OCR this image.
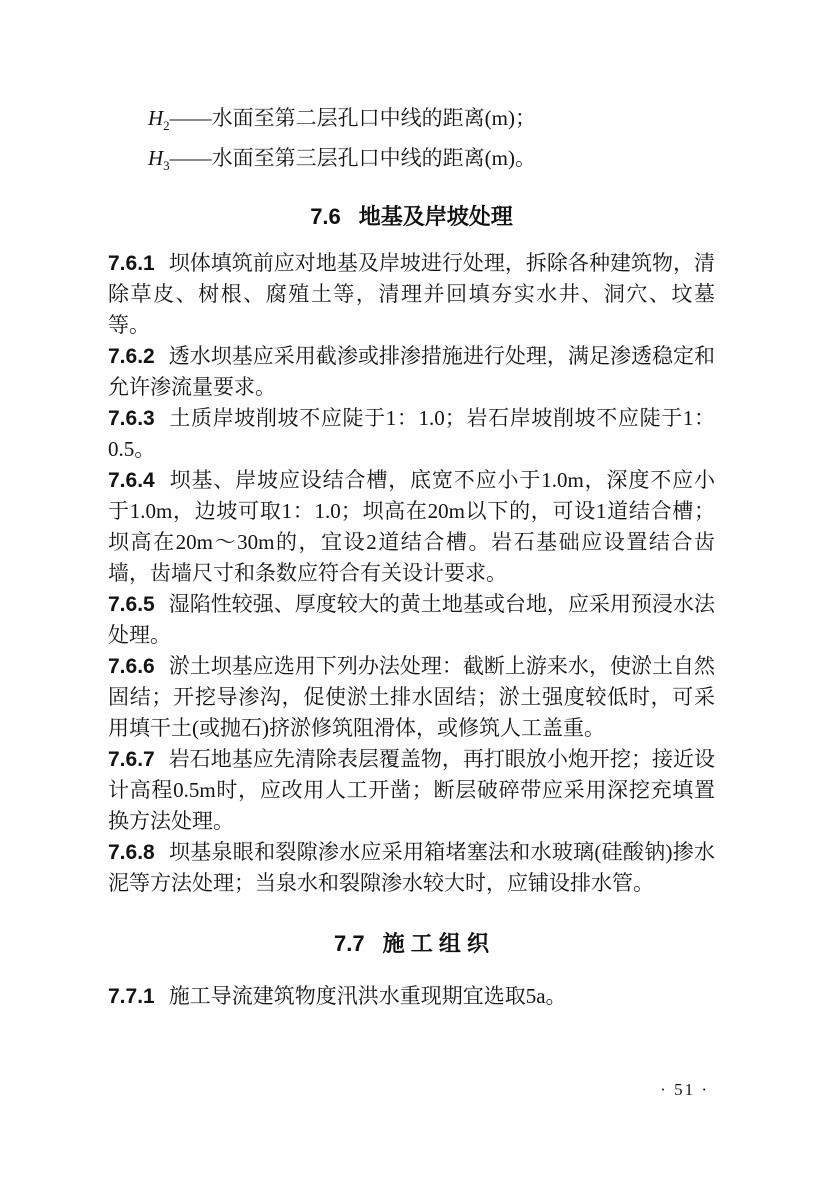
$H_2——$水面至第二层孔口中线的距离(m)；

$H_3——$水面至第三层孔口中线的距离(m)。

7.6 地基及岸坡处理

7.6.1 坝体填筑前应对地基及岸坡进行处理，拆除各种建筑物，清除草皮、树根、腐殖土等，清理并回填夯实水井、洞穴、坟墓等。

7.6.2 透水坝基应采用截渗或排渗措施进行处理，满足渗透稳定和允许渗流量要求。

7.6.3 土质岸坡削坡不应陡于1：1.0；岩石岸坡削坡不应陡于1：0.5。

7.6.4 坝基、岸坡应设结合槽，底宽不应小于1.0m，深度不应小于1.0m，边坡可取1：1.0；坝高在20m以下的，可设1道结合槽；坝高在20m～30m的，宜设2道结合槽。岩石基础应设置结合齿墙，齿墙尺寸和条数应符合有关设计要求。

7.6.5 湿陷性较强、厚度较大的黄土地基或台地，应采用预浸水法处理。

7.6.6 淤土坝基应选用下列办法处理：截断上游来水，使淤土自然固结；开挖导渗沟，促使淤土排水固结；淤土强度较低时，可采用填干土(或抛石)挤淤修筑阻滑体，或修筑人工盖重。

7.6.7 岩石地基应先清除表层覆盖物，再打眼放小炮开挖；接近设计高程0.5m时，应改用人工开凿；断层破碎带应采用深挖充填置换方法处理。

7.6.8 坝基泉眼和裂隙渗水应采用箱堵塞法和水玻璃(硅酸钠)掺水泥等方法处理；当泉水和裂隙渗水较大时，应铺设排水管。

7.7 施 工 组 织

7.7.1 施工导流建筑物度汛洪水重现期宜选取5a。

· 51 ·
